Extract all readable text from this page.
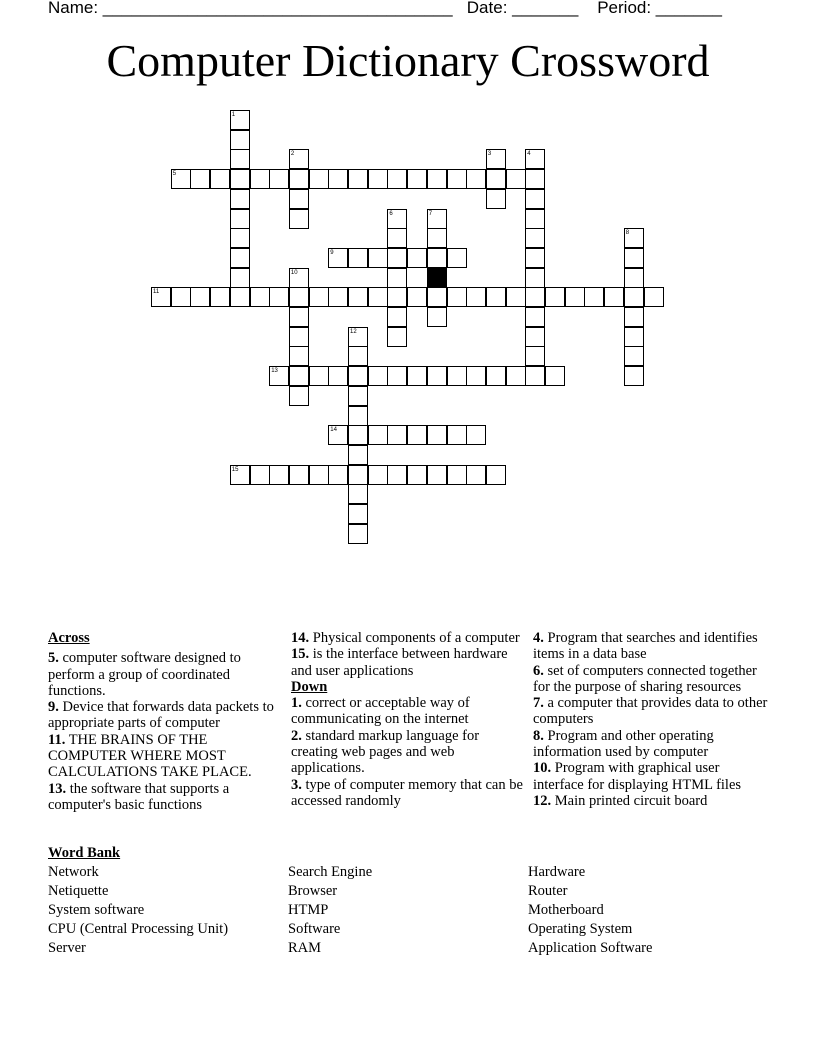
Name: _____________________________________   Date: _______    Period: _______
Computer Dictionary Crossword
1
2	3	4
5
6	7
8
9
10
11
12
13
14
15
Across

5. computer software designed to perform a group of coordinated functions.

9. Device that forwards data packets to appropriate parts of computer

11. THE BRAINS OF THE COMPUTER WHERE MOST CALCULATIONS TAKE PLACE.

13. the software that supports a computer's basic functions

14. Physical components of a computer

15. is the interface between hardware and user applications

Down

1. correct or acceptable way of communicating on the internet

2. standard markup language for creating web pages and web applications.

3. type of computer memory that can be accessed randomly

4. Program that searches and identifies items in a data base

6. set of computers connected together for the purpose of sharing resources

7. a computer that provides data to other computers

8. Program and other operating information used by computer

10. Program with graphical user interface for displaying HTML files

12. Main printed circuit board

Word Bank
Network
Netiquette
System software
CPU (Central Processing Unit)
Server
Search Engine
Browser
HTMP
Software
RAM
Hardware
Router
Motherboard
Operating System
Application Software
